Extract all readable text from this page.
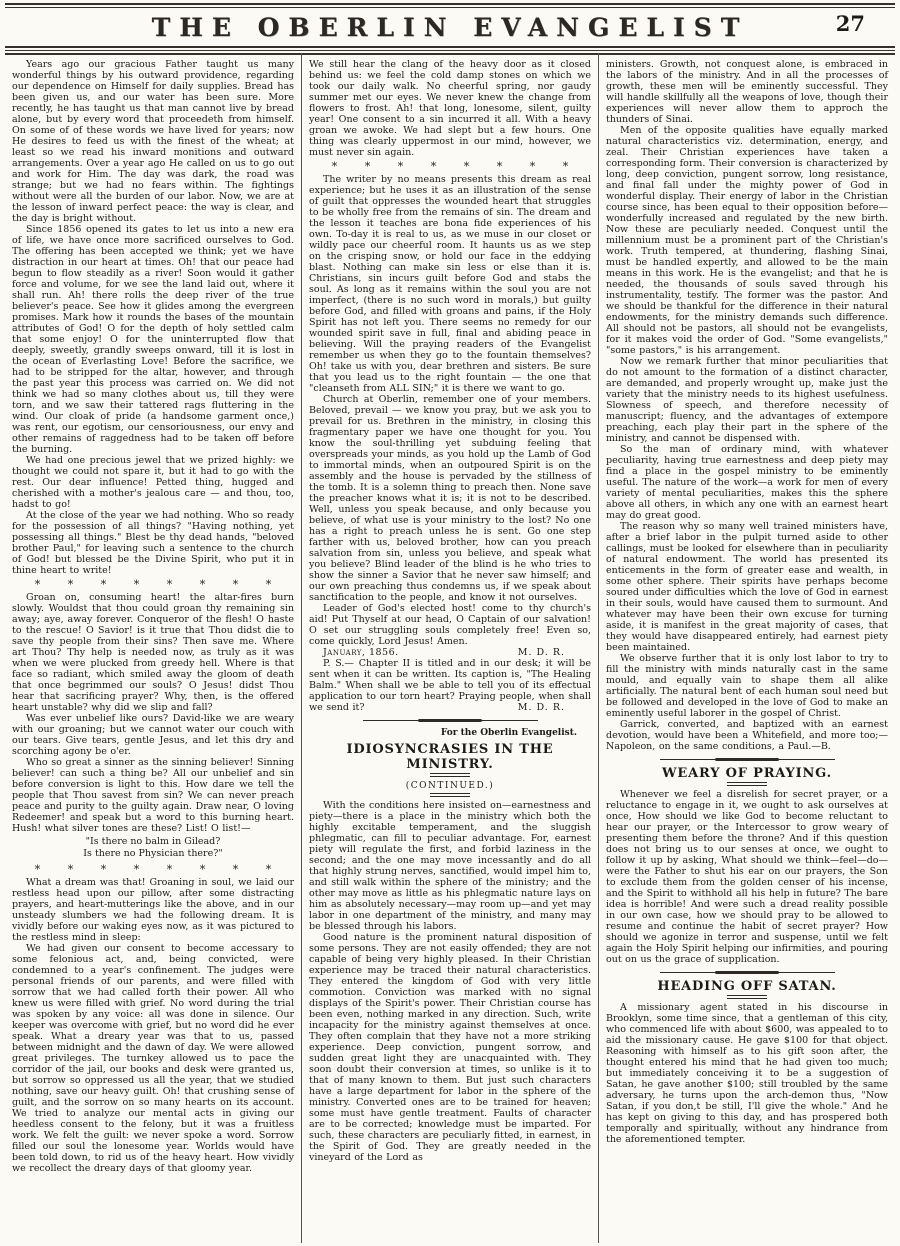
THE OBERLIN EVANGELIST	27

Years ago our gracious Father taught us many wonderful things by his outward providence, regarding our dependence on Himself for daily supplies. Bread has been given us, and our water has been sure. More recently, he has taught us that man cannot live by bread alone, but by every word that proceedeth from himself. On some of of these words we have lived for years; now He desires to feed us with the finest of the wheat; at least so we read his inward monitions and outward arrangements. Over a year ago He called on us to go out and work for Him. The day was dark, the road was strange; but we had no fears within. The fightings without were all the burden of our labor. Now, we are at the lesson of inward perfect peace: the way is clear, and the day is bright without.

Since 1856 opened its gates to let us into a new era of life, we have once more sacrificed ourselves to God. The offering has been accepted we think; yet we have distraction in our heart at times. Oh! that our peace had begun to flow steadily as a river! Soon would it gather force and volume, for we see the land laid out, where it shall run. Ah! there rolls the deep river of the true believer's peace. See how it glides among the evergreen promises. Mark how it rounds the bases of the mountain attributes of God! O for the depth of holy settled calm that some enjoy! O for the uninterrupted flow that deeply, sweetly, grandly sweeps onward, till it is lost in the ocean of Everlasting Love! Before the sacrifice, we had to be stripped for the altar, however, and through the past year this process was carried on. We did not think we had so many clothes about us, till they were torn, and we saw their tattered rags fluttering in the wind. Our cloak of pride (a handsome garment once,) was rent, our egotism, our censoriousness, our envy and other remains of raggedness had to be taken off before the burning.

We had one precious jewel that we prized highly: we thought we could not spare it, but it had to go with the rest. Our dear influence! Petted thing, hugged and cherished with a mother's jealous care — and thou, too, hadst to go!

At the close of the year we had nothing. Who so ready for the possession of all things? "Having nothing, yet possessing all things." Blest be thy dead hands, "beloved brother Paul," for leaving such a sentence to the church of God! but blessed be the Divine Spirit, who put it in thine heart to write!

* * * * * * * *

Groan on, consuming heart! the altar-fires burn slowly. Wouldst that thou could groan thy remaining sin away; aye, away forever. Conqueror of the flesh! O haste to the rescue! O Savior! is it true that Thou didst die to save thy people from their sins? Then save me. Where art Thou? Thy help is needed now, as truly as it was when we were plucked from greedy hell. Where is that face so radiant, which smiled away the gloom of death that once begrimmed our souls? O Jesus! didst Thou hear that sacrificing prayer? Why, then, is the offered heart unstable? why did we slip and fall?

Was ever unbelief like ours? David-like we are weary with our groaning; but we cannot water our couch with our tears. Give tears, gentle Jesus, and let this dry and scorching agony be o'er.

Who so great a sinner as the sinning believer! Sinning believer! can such a thing be? All our unbelief and sin before conversion is light to this. How dare we tell the people that Thou savest from sin? We can never preach peace and purity to the guilty again. Draw near, O loving Redeemer! and speak but a word to this burning heart. Hush! what silver tones are these? List! O list!—

"Is there no balm in Gilead?
Is there no Physician there?"
* * * * * * * *

What a dream was that! Groaning in soul, we laid our restless head upon our pillow, after some distracting prayers, and heart-mutterings like the above, and in our unsteady slumbers we had the following dream. It is vividly before our waking eyes now, as it was pictured to the restless mind in sleep:

We had given our consent to become accessary to some felonious act, and, being convicted, were condemned to a year's confinement. The judges were personal friends of our parents, and were filled with sorrow that we had called forth their power. All who knew us were filled with grief. No word during the trial was spoken by any voice: all was done in silence. Our keeper was overcome with grief, but no word did he ever speak. What a dreary year was that to us, passed between midnight and the dawn of day. We were allowed great privileges. The turnkey allowed us to pace the corridor of the jail, our books and desk were granted us, but sorrow so oppressed us all the year, that we studied nothing, save our heavy guilt. Oh! that crushing sense of guilt, and the sorrow on so many hearts on its account. We tried to analyze our mental acts in giving our heedless consent to the felony, but it was a fruitless work. We felt the guilt: we never spoke a word. Sorrow filled our soul the lonesome year. Worlds would have been told down, to rid us of the heavy heart. How vividly we recollect the dreary days of that gloomy year.

We still hear the clang of the heavy door as it closed behind us: we feel the cold damp stones on which we took our daily walk. No cheerful spring, nor gaudy summer met our eyes. We never knew the change from flowers to frost. Ah! that long, lonesome, silent, guilty year! One consent to a sin incurred it all. With a heavy groan we awoke. We had slept but a few hours. One thing was clearly uppermost in our mind, however, we must never sin again.

* * * * * * * *

The writer by no means presents this dream as real experience; but he uses it as an illustration of the sense of guilt that oppresses the wounded heart that struggles to be wholly free from the remains of sin. The dream and the lesson it teaches are bona fide experiences of his own. To-day it is real to us, as we muse in our closet or wildly pace our cheerful room. It haunts us as we step on the crisping snow, or hold our face in the eddying blast. Nothing can make sin less or else than it is. Christians, sin incurs guilt before God and stabs the soul. As long as it remains within the soul you are not imperfect, (there is no such word in morals,) but guilty before God, and filled with groans and pains, if the Holy Spirit has not left you. There seems no remedy for our wounded spirit save in full, final and abiding peace in believing. Will the praying readers of the Evangelist remember us when they go to the fountain themselves? Oh! take us with you, dear brethren and sisters. Be sure that you lead us to the right fountain — the one that "cleanseth from ALL SIN;" it is there we want to go.

Church at Oberlin, remember one of your members. Beloved, prevail — we know you pray, but we ask you to prevail for us. Brethren in the ministry, in closing this fragmentary paper we have one thought for you. You know the soul-thrilling yet subduing feeling that overspreads your minds, as you hold up the Lamb of God to immortal minds, when an outpoured Spirit is on the assembly and the house is pervaded by the stillness of the tomb. It is a solemn thing to preach then. None save the preacher knows what it is; it is not to be described. Well, unless you speak because, and only because you believe, of what use is your ministry to the lost? No one has a right to preach unless he is sent. Go one step farther with us, beloved brother, how can you preach salvation from sin, unless you believe, and speak what you believe? Blind leader of the blind is he who tries to show the sinner a Savior that he never saw himself; and our own preaching thus condemns us, if we speak about sanctification to the people, and know it not ourselves.

Leader of God's elected host! come to thy church's aid! Put Thyself at our head, O Captain of our salvation! O set our struggling souls completely free! Even so, come quickly, Lord Jesus! Amen.

January, 1856.	M. D. R.

P. S.— Chapter II is titled and in our desk; it will be sent when it can be written. Its caption is, "The Healing Balm." When shall we be able to tell you of its effectual application to our torn heart? Praying people, when shall we send it?	M. D. R.
For the Oberlin Evangelist.
IDIOSYNCRASIES IN THE MINISTRY.
(CONTINUED.)

With the conditions here insisted on—earnestness and piety—there is a place in the ministry which both the highly excitable temperament, and the sluggish phlegmatic, can fill to peculiar advantage. For, earnest piety will regulate the first, and forbid laziness in the second; and the one may move incessantly and do all that highly strung nerves, sanctified, would impel him to, and still walk within the sphere of the ministry; and the other may move as little as his phlegmatic nature lays on him as absolutely necessary—may room up—and yet may labor in one department of the ministry, and many may be blessed through his labors.

Good nature is the prominent natural disposition of some persons. They are not easily offended; they are not capable of being very highly pleased. In their Christian experience may be traced their natural characteristics. They entered the kingdom of God with very little commotion. Conviction was marked with no signal displays of the Spirit's power. Their Christian course has been even, nothing marked in any direction. Such, write incapacity for the ministry against themselves at once. They often complain that they have not a more striking experience. Deep conviction, pungent sorrow, and sudden great light they are unacquainted with. They soon doubt their conversion at times, so unlike is it to that of many known to them. But just such characters have a large department for labor in the sphere of the ministry. Converted ones are to be trained for heaven; some must have gentle treatment. Faults of character are to be corrected; knowledge must be imparted. For such, these characters are peculiarly fitted, in earnest, in the Spirit of God. They are greatly needed in the vineyard of the Lord as

ministers. Growth, not conquest alone, is embraced in the labors of the ministry. And in all the processes of growth, these men will be eminently successful. They will handle skillfully all the weapons of love, though their experiences will never allow them to approch the thunders of Sinai.

Men of the opposite qualities have equally marked natural characteristics viz. determination, energy, and zeal. Their Christian experiences have taken a corresponding form. Their conversion is characterized by long, deep conviction, pungent sorrow, long resistance, and final fall under the mighty power of God in wonderful display. Their energy of labor in the Christian course since, has been equal to their opposition before—wonderfully increased and regulated by the new birth. Now these are peculiarly needed. Conquest until the millennium must be a prominent part of the Christian's work. Truth tempered, at thundering, flashing Sinai, must be handled expertly, and allowed to be the main means in this work. He is the evangelist; and that he is needed, the thousands of souls saved through his instrumentality, testify. The former was the pastor. And we should be thankful for the difference in their natural endowments, for the ministry demands such difference. All should not be pastors, all should not be evangelists, for it makes void the order of God. "Some evangelists," "some pastors," is his arrangement.

Now we remark further that minor peculiarities that do not amount to the formation of a distinct character, are demanded, and properly wrought up, make just the variety that the ministry needs to its highest usefulness. Slowness of speech, and therefore necessity of manuscript; fluency, and the advantages of extempore preaching, each play their part in the sphere of the ministry, and cannot be dispensed with.

So the man of ordinary mind, with whatever peculiarity, having true earnestness and deep piety may find a place in the gospel ministry to be eminently useful. The nature of the work—a work for men of every variety of mental peculiarities, makes this the sphere above all others, in which any one with an earnest heart may do great good.

The reason why so many well trained ministers have, after a brief labor in the pulpit turned aside to other callings, must be looked for elsewhere than in peculiarity of natural endowment. The world has presented its enticements in the form of greater ease and wealth, in some other sphere. Their spirits have perhaps become soured under difficulties which the love of God in earnest in their souls, would have caused them to surmount. And whatever may have been their own excuse for turning aside, it is manifest in the great majority of cases, that they would have disappeared entirely, had earnest piety been maintained.

We observe further that it is only lost labor to try to fill the ministry with minds naturally cast in the same mould, and equally vain to shape them all alike artificially. The natural bent of each human soul need but be followed and developed in the love of God to make an eminently useful laborer in the gospel of Christ.

Garrick, converted, and baptized with an earnest devotion, would have been a Whitefield, and more too;—Napoleon, on the same conditions, a Paul.—B.

WEARY OF PRAYING.

Whenever we feel a disrelish for secret prayer, or a reluctance to engage in it, we ought to ask ourselves at once, How should we like God to become reluctant to hear our prayer, or the Intercessor to grow weary of presenting them before the throne? And if this question does not bring us to our senses at once, we ought to follow it up by asking, What should we think—feel—do—were the Father to shut his ear on our prayers, the Son to exclude them from the golden censer of his incense, and the Spirit to withhold all his help in future? The bare idea is horrible! And were such a dread reality possible in our own case, how we should pray to be allowed to resume and continue the habit of secret prayer? How should we agonize in terror and suspense, until we felt again the Holy Spirit helping our infirmities, and pouring out on us the grace of supplication.

HEADING OFF SATAN.

A missionary agent stated in his discourse in Brooklyn, some time since, that a gentleman of this city, who commenced life with about $600, was appealed to to aid the missionary cause. He gave $100 for that object. Reasoning with himself as to his gift soon after, the thought entered his mind that he had given too much; but immediately conceiving it to be a suggestion of Satan, he gave another $100; still troubled by the same adversary, he turns upon the arch-demon thus, "Now Satan, if you don,t be still, I'll give the whole." And he has kept on giving to this day, and has prospered both temporally and spiritually, without any hindrance from the aforementioned tempter.
